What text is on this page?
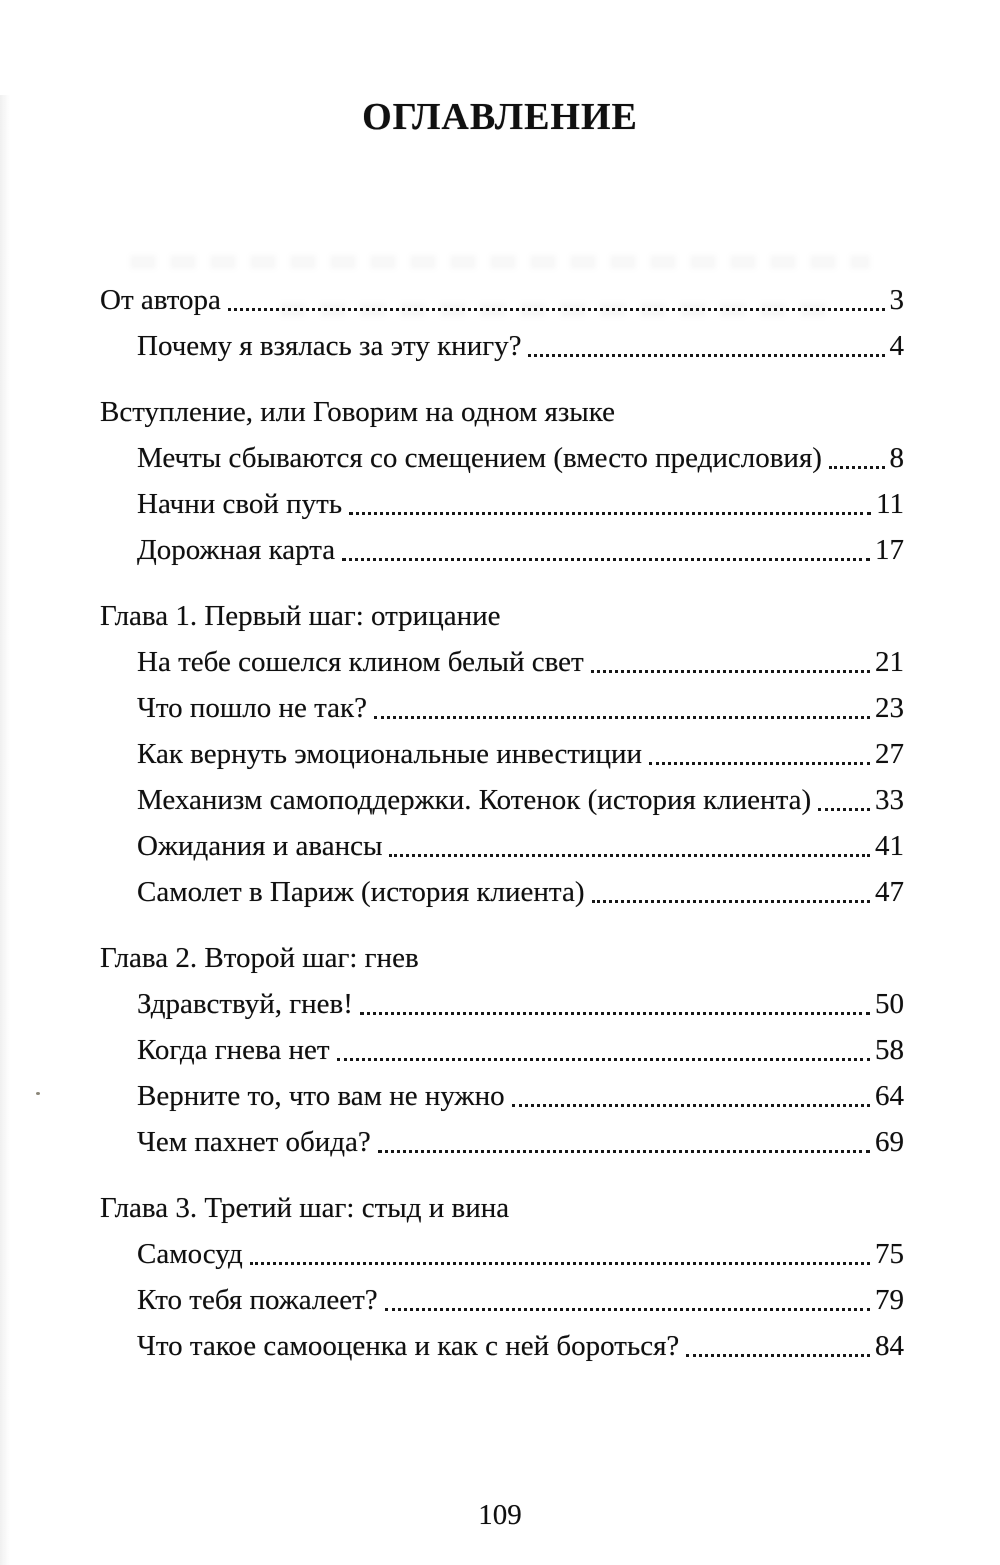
ОГЛАВЛЕНИЕ
От автора	3
Почему я взялась за эту книгу?	4
Вступление, или Говорим на одном языке
Мечты сбываются со смещением (вместо предисловия) 8
Начни свой путь	11
Дорожная карта	17
Глава 1. Первый шаг: отрицание
На тебе сошелся клином белый свет	21
Что пошло не так?	23
Как вернуть эмоциональные инвестиции	27
Механизм самоподдержки. Котенок (история клиента) 33
Ожидания и авансы	41
Самолет в Париж (история клиента)	47
Глава 2. Второй шаг: гнев
Здравствуй, гнев!	50
Когда гнева нет	58
Верните то, что вам не нужно	64
Чем пахнет обида?	69
Глава 3. Третий шаг: стыд и вина
Самосуд	75
Кто тебя пожалеет?	79
Что такое самооценка и как с ней бороться?	84
109
